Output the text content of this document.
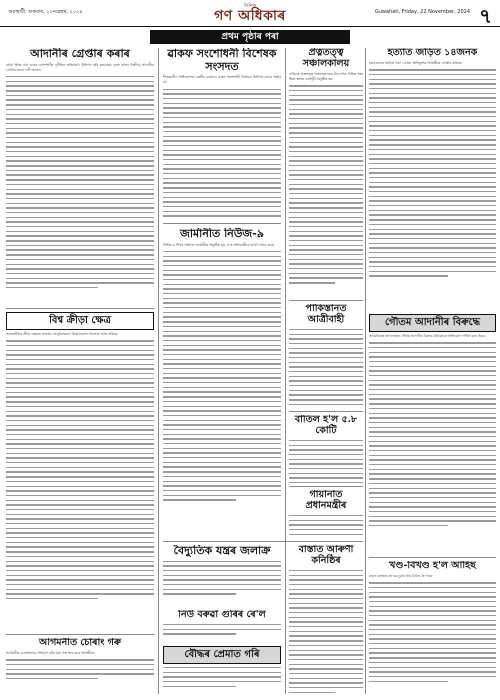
গুৱাহাটী, শুকবাৰ, ২২নৱেম্বৰ, ২০২৪
দৈনিক
গণ অধিকাৰ	Guwahati, Friday, 22 November, 2024 ৭
প্ৰথম পৃষ্ঠাৰ পৰা
আদানীৰ গ্ৰেপ্তাৰ কৰাৰ

প্ৰথম পৃষ্ঠাৰ পৰা ডাঙৰ কোম্পানীৰ দুৰ্নীতিৰ অভিযোগ উত্থাপন কৰি কংগ্ৰেছৰ নেতা ৰাহুল গান্ধীয়ে আদানীক গ্ৰেপ্তাৰ কৰাৰ দাবী জনায়।

বিশ্ব ক্ৰীড়া ক্ষেত্ৰ

আন্তৰ্জাতিক ক্ৰীড়া ক্ষেত্ৰত ভাৰতৰ খেলুৱৈসকলে উল্লেখযোগ্য সফলতা লাভ কৰিছে।

আগমনীত চোৰাং গৰু

আগমনীত চোৰাংভাৱে পৰিবহণ কৰি থকা গৰু জব্দ কৰে আৰক্ষীয়ে।

ৱাকফ সংশোধনী বিশেষক সংসদত

শীতকালীন অধিৱেশনত কেন্দ্ৰীয় চৰকাৰে ৱাকফ সংশোধনী বিধেয়ক উত্থাপন কৰাৰ সম্ভাৱনা।

জাৰ্মানীত নিউজ-৯

নিউজ-৯ শিখৰ সন্মিলন জাৰ্মানীত অনুষ্ঠিত হয়, য'ত প্ৰধানমন্ত্ৰীয়ে ভাষণ প্ৰদান কৰে।

বৈদ্যুতিক যন্ত্ৰৰ জলাক্ৰ
নিউ বৰুৱা গুৰিৰ ৰে'ল
বৌদ্ধৰ প্ৰেমাত গৰি
প্ৰত্নতত্ত্ব সঞ্চালকালয়

ৰাজ্যিক প্ৰত্নতত্ত্ব সঞ্চালকালয়ৰ উদ্যোগত বিভিন্ন সংৰক্ষিত স্থানত কাৰ্যসূচী অনুষ্ঠিত হয়।

পাকিস্তানত আত্ৰীবাহী
বাতিল হ'ল ৫.৮ কোটি
গায়ানাত প্ৰধানমন্ত্ৰীৰ
বাস্তাত আৰুণী কনিষ্ঠিৰ
হত্যাত জড়িত ১৪জনক

হত্যাকাণ্ডত জড়িত থকা ১৪জন অভিযুক্তক আৰক্ষীয়ে গ্ৰেপ্তাৰ কৰিছে।

গৌতম আদানীৰ বিৰুদ্ধে

আমেৰিকাৰ আদালতত গৌতম আদানীৰ বিৰুদ্ধে উৎকোচৰ অভিযোগ দাখিল কৰা হৈছে।

খণ্ড-বিখণ্ড হ'ল আহিছ

প্ৰবল বতাহত বহু ঘৰ-দুৱাৰ খণ্ড-বিখণ্ড হৈ পৰে।
